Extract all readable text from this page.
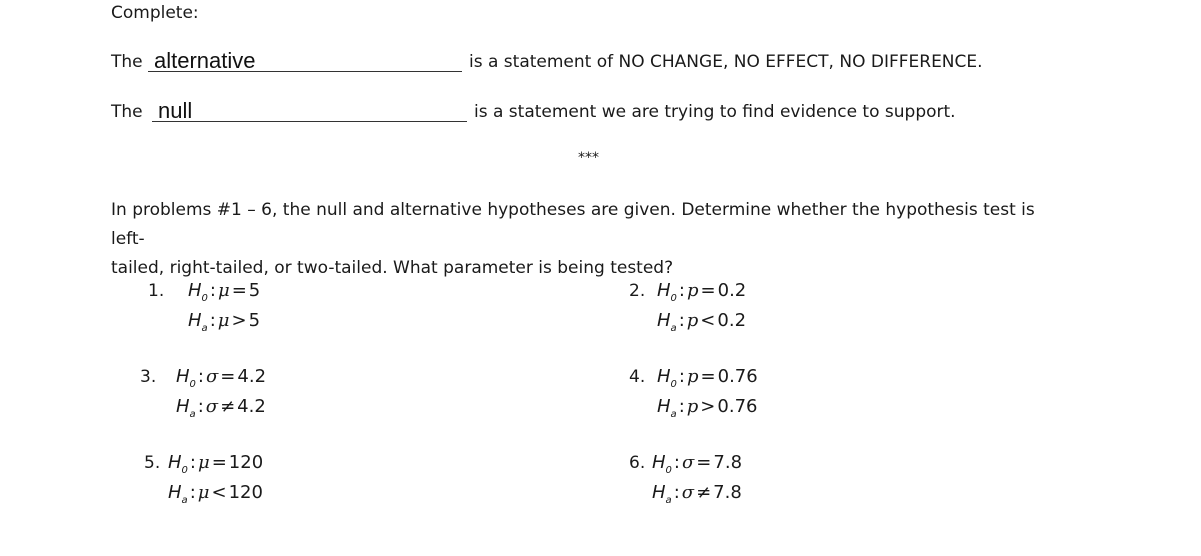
Complete:
The alternative	is a statement of NO CHANGE, NO EFFECT, NO DIFFERENCE.
The null	is a statement we are trying to find evidence to support.
***
In problems #1 – 6, the null and alternative hypotheses are given. Determine whether the hypothesis test is left-
tailed, right-tailed, or two-tailed. What parameter is being tested?
1. $H_0$ : μ = 5
$H_a$ : μ > 5
2. $H_0$ : p = 0.2
$H_a$ : p < 0.2
3. $H_0$ : σ = 4.2
$H_a$ : σ ≠ 4.2
4. $H_0$ : p = 0.76
$H_a$ : p > 0.76
5. $H_0$ : μ = 120
$H_a$ : μ < 120
6. $H_0$ : σ = 7.8
$H_a$ : σ ≠ 7.8
